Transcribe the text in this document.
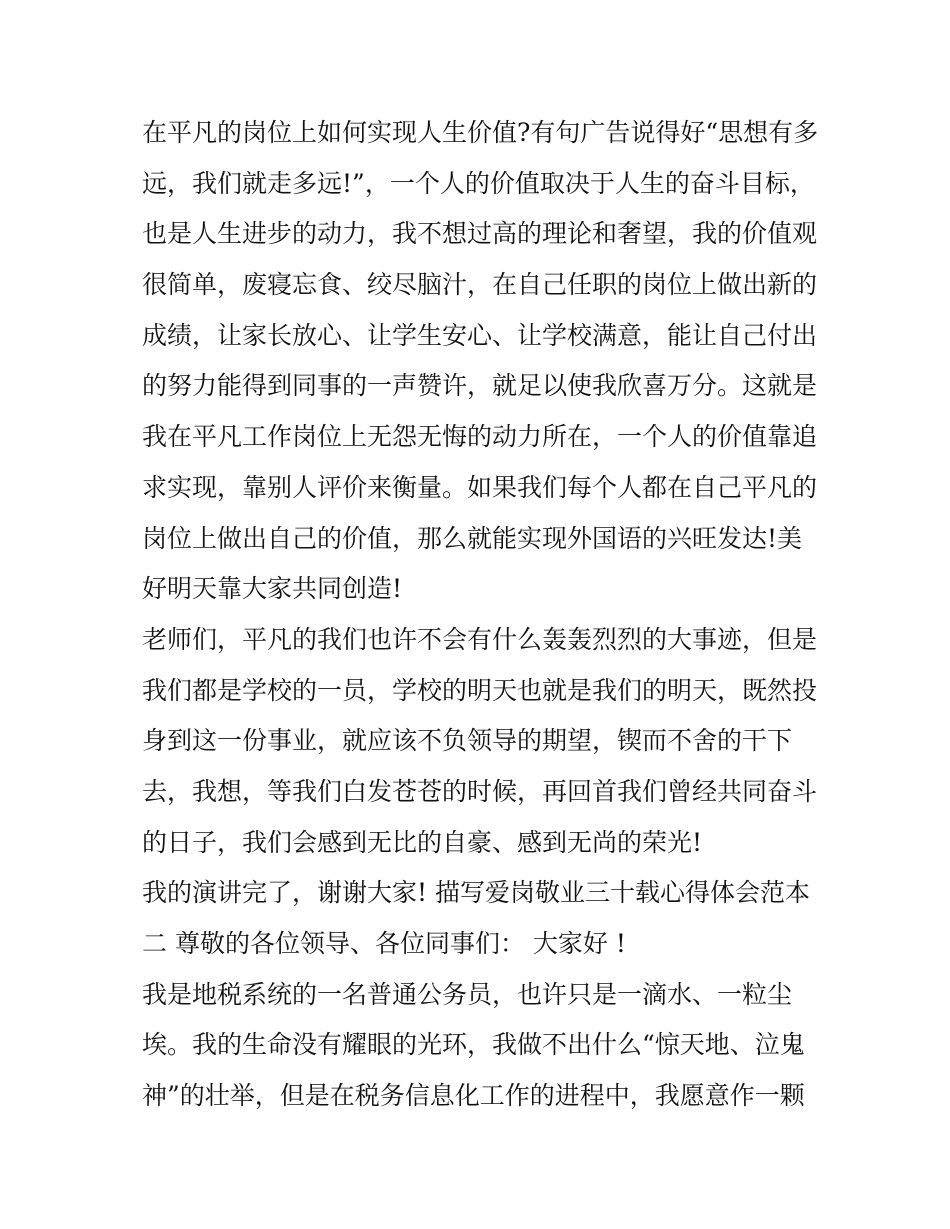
在平凡的岗位上如何实现人生价值?有句广告说得好“思想有多
远，我们就走多远!”，一个人的价值取决于人生的奋斗目标，
也是人生进步的动力，我不想过高的理论和奢望，我的价值观
很简单，废寝忘食、绞尽脑汁，在自己任职的岗位上做出新的
成绩，让家长放心、让学生安心、让学校满意，能让自己付出
的努力能得到同事的一声赞许，就足以使我欣喜万分。这就是
我在平凡工作岗位上无怨无悔的动力所在，一个人的价值靠追
求实现，靠别人评价来衡量。如果我们每个人都在自己平凡的
岗位上做出自己的价值，那么就能实现外国语的兴旺发达!美
好明天靠大家共同创造!
老师们，平凡的我们也许不会有什么轰轰烈烈的大事迹，但是
我们都是学校的一员，学校的明天也就是我们的明天，既然投
身到这一份事业，就应该不负领导的期望，锲而不舍的干下
去，我想，等我们白发苍苍的时候，再回首我们曾经共同奋斗
的日子，我们会感到无比的自豪、感到无尚的荣光!
我的演讲完了，谢谢大家! 描写爱岗敬业三十载心得体会范本
二 尊敬的各位领导、各位同事们： 大家好 !
我是地税系统的一名普通公务员，也许只是一滴水、一粒尘
埃。我的生命没有耀眼的光环，我做不出什么“惊天地、泣鬼
神”的壮举，但是在税务信息化工作的进程中，我愿意作一颗
